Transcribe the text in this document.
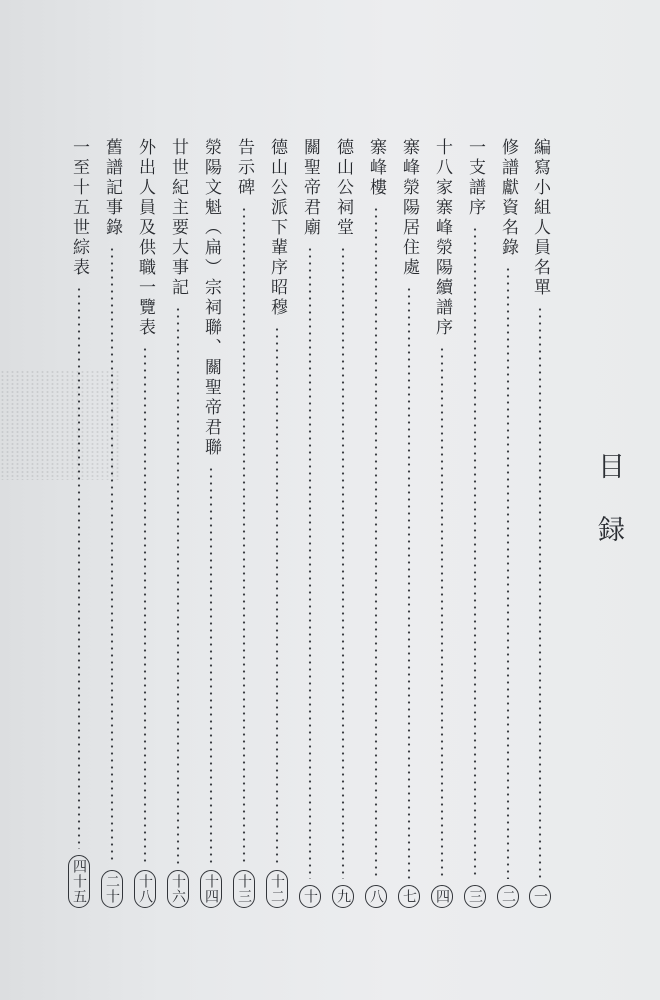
目
録
編寫小組人員名單
一
修譜獻資名錄
二
一支譜序
三
十八家寨峰滎陽續譜序
四
寨峰滎陽居住處
七
寨峰樓
八
德山公祠堂
九
關聖帝君廟
十
德山公派下輩序昭穆
十二
告示碑
十三
滎陽文魁（扁）宗祠聯、關聖帝君聯
十四
廿世紀主要大事記
十六
外出人員及供職一覽表
十八
舊譜記事錄
二十
一至十五世綜表
四十五
